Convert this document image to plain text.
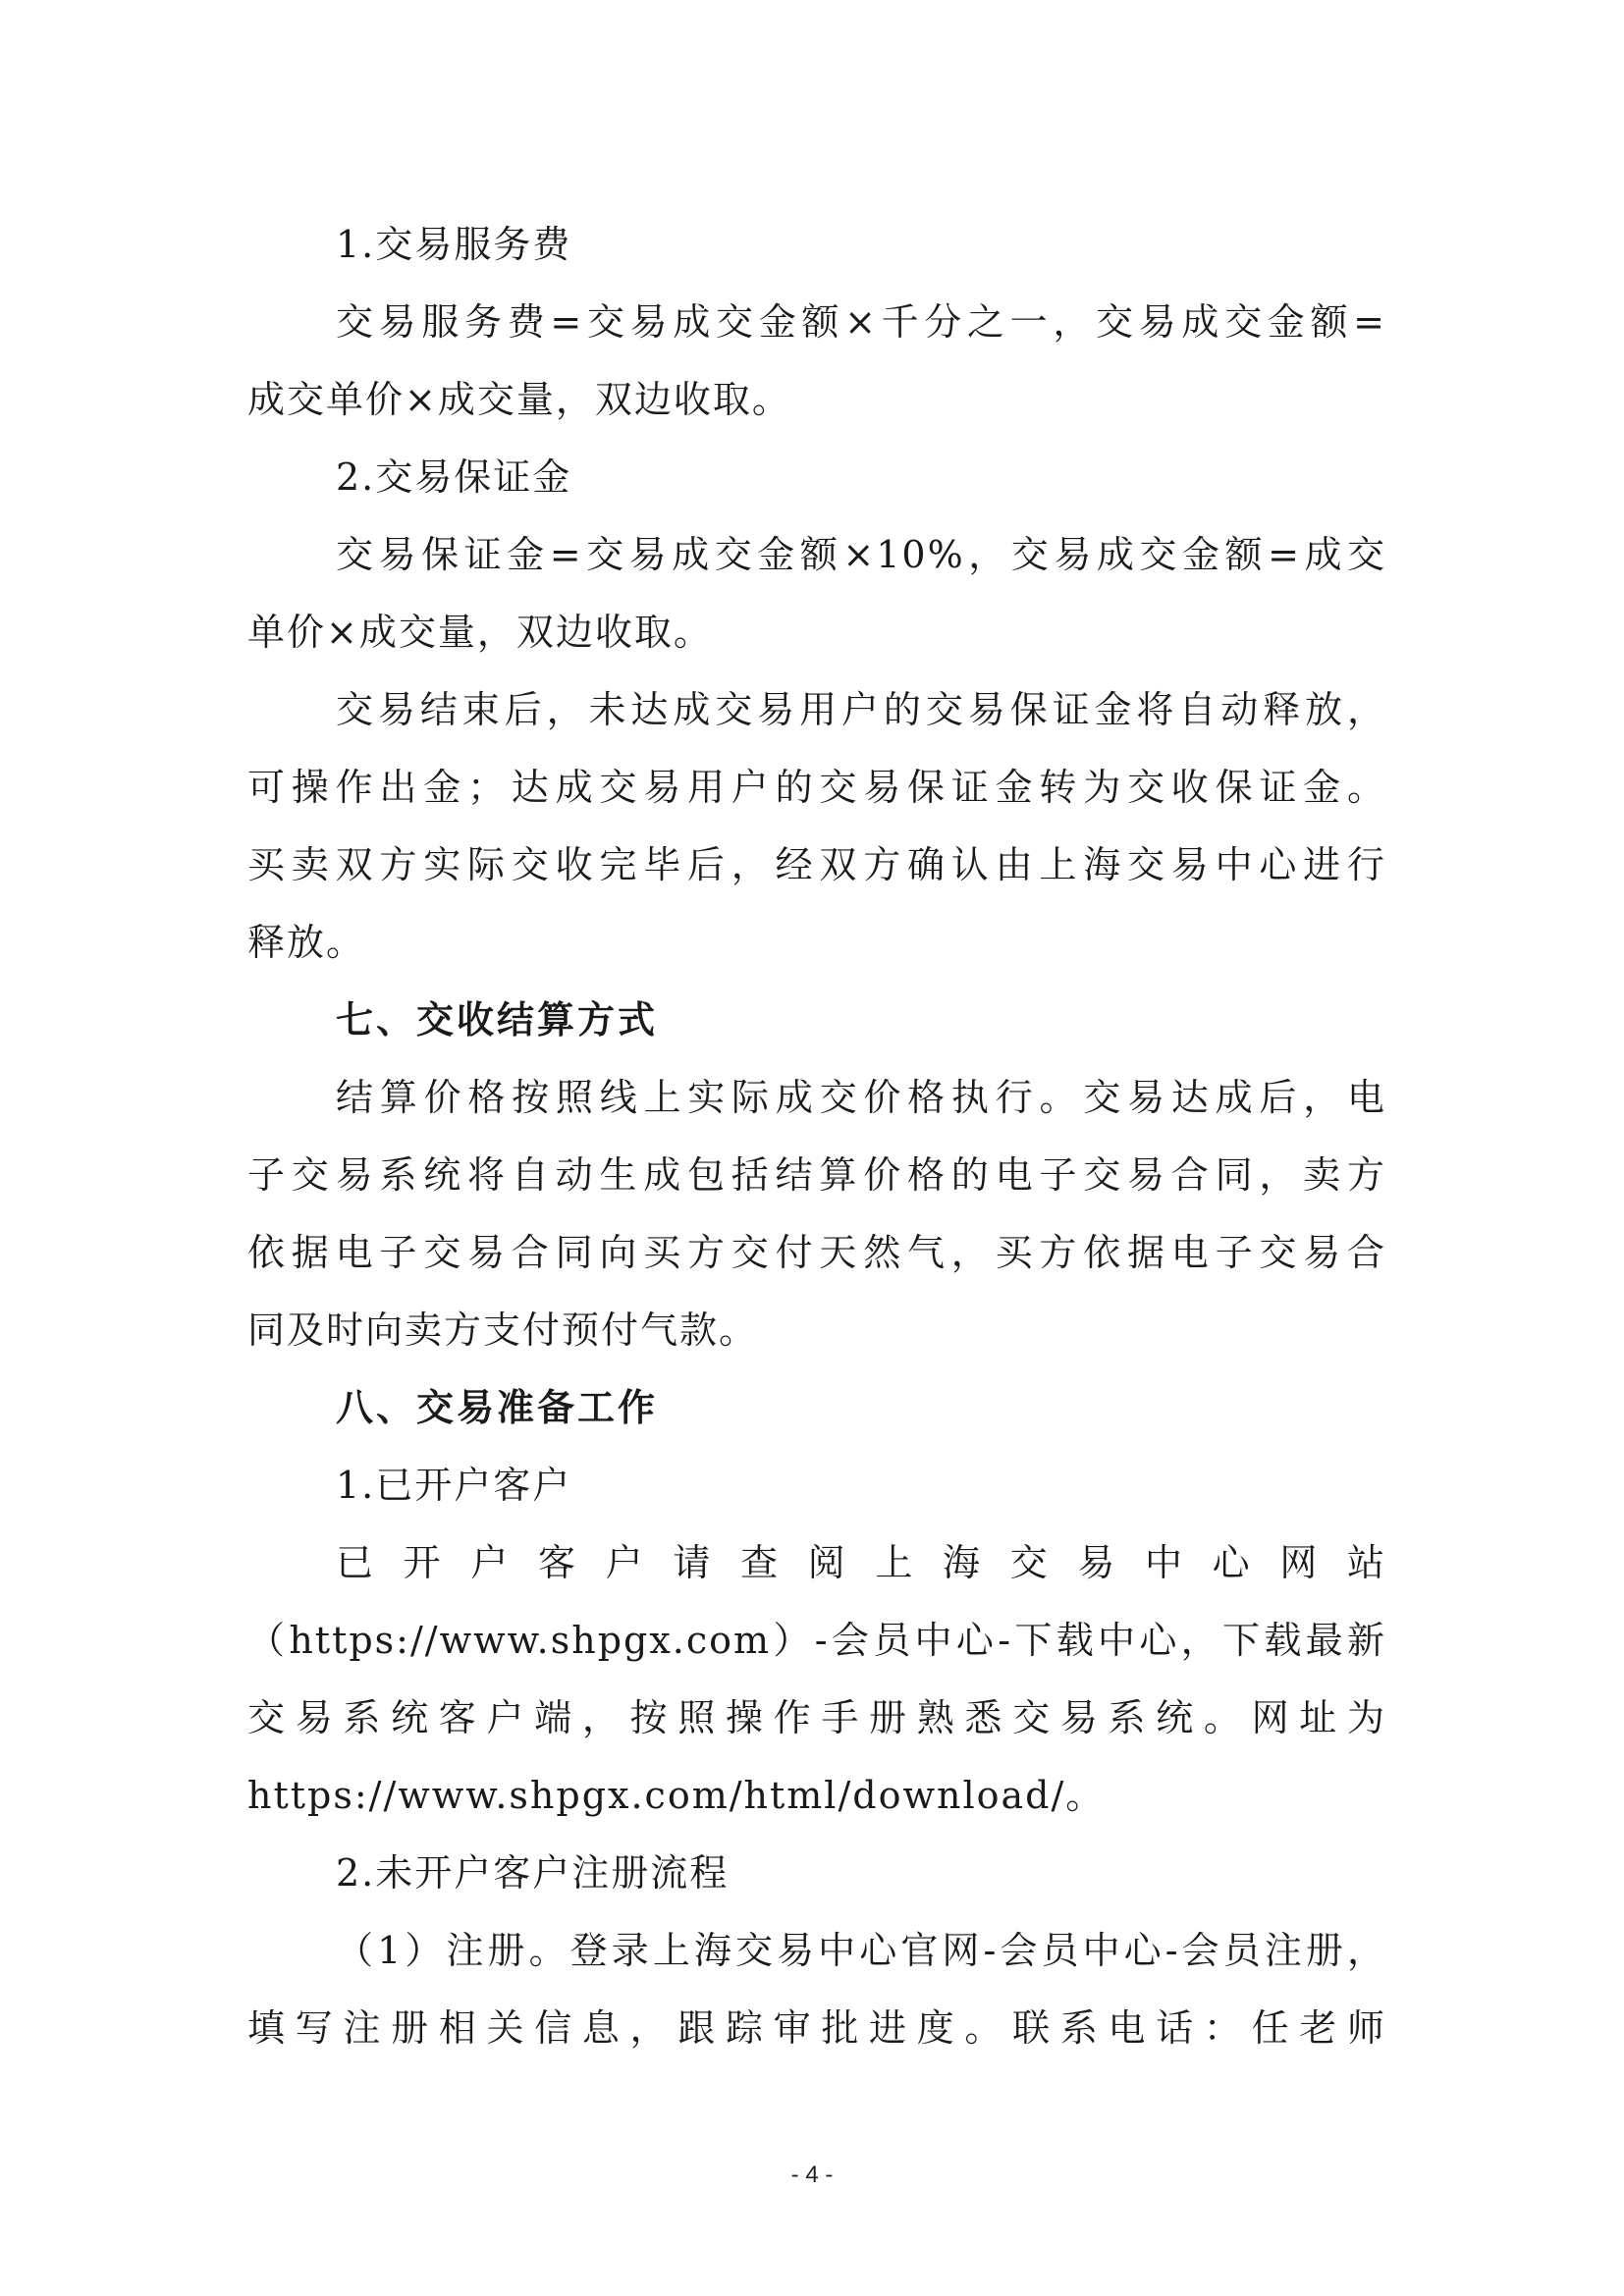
1.交易服务费
交易服务费=交易成交金额×千分之一，交易成交金额=
成交单价×成交量，双边收取。
2.交易保证金
交易保证金=交易成交金额×10%，交易成交金额=成交
单价×成交量，双边收取。
交易结束后，未达成交易用户的交易保证金将自动释放，
可操作出金；达成交易用户的交易保证金转为交收保证金。
买卖双方实际交收完毕后，经双方确认由上海交易中心进行
释放。
七、交收结算方式
结算价格按照线上实际成交价格执行。交易达成后，电
子交易系统将自动生成包括结算价格的电子交易合同，卖方
依据电子交易合同向买方交付天然气，买方依据电子交易合
同及时向卖方支付预付气款。
八、交易准备工作
1.已开户客户
已开户客户请查阅上海交易中心网站
（https://www.shpgx.com）-会员中心-下载中心，下载最新
交易系统客户端，按照操作手册熟悉交易系统。网址为
https://www.shpgx.com/html/download/。
2.未开户客户注册流程
（1）注册。登录上海交易中心官网-会员中心-会员注册，
填写注册相关信息，跟踪审批进度。联系电话：任老师
- 4 -
